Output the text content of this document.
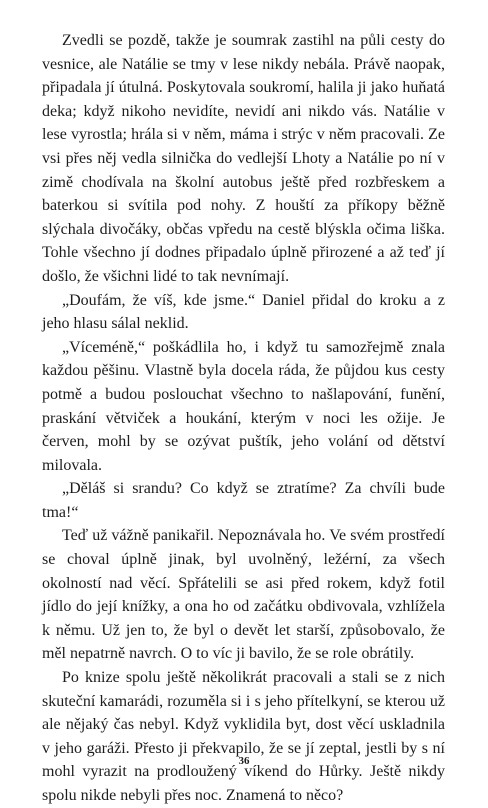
Zvedli se pozdě, takže je soumrak zastihl na půli cesty do vesnice, ale Natálie se tmy v lese nikdy nebála. Právě naopak, připadala jí útulná. Poskytovala soukromí, halila ji jako huňatá deka; když nikoho nevidíte, nevidí ani nikdo vás. Natálie v lese vyrostla; hrála si v něm, máma i strýc v něm pracovali. Ze vsi přes něj vedla silnička do vedlejší Lhoty a Natálie po ní v zimě chodívala na školní autobus ještě před rozbřeskem a baterkou si svítila pod nohy. Z houští za příkopy běžně slýchala divočáky, občas vpředu na cestě blýskla očima liška. Tohle všechno jí dodnes připadalo úplně přirozené a až teď jí došlo, že všichni lidé to tak nevnímají.

„Doufám, že víš, kde jsme.“ Daniel přidal do kroku a z jeho hlasu sálal neklid.

„Víceméně,“ poškádlila ho, i když tu samozřejmě znala každou pěšinu. Vlastně byla docela ráda, že půjdou kus cesty potmě a budou poslouchat všechno to našlapování, funění, praskání větviček a houkání, kterým v noci les ožije. Je červen, mohl by se ozývat puštík, jeho volání od dětství milovala.

„Děláš si srandu? Co když se ztratíme? Za chvíli bude tma!“

Teď už vážně panikařil. Nepoznávala ho. Ve svém prostředí se choval úplně jinak, byl uvolněný, ležérní, za všech okolností nad věcí. Spřátelili se asi před rokem, když fotil jídlo do její knížky, a ona ho od začátku obdivovala, vzhlížela k němu. Už jen to, že byl o devět let starší, způsobovalo, že měl nepatrně navrch. O to víc ji bavilo, že se role obrátily.

Po knize spolu ještě několikrát pracovali a stali se z nich skuteční kamarádi, rozuměla si i s jeho přítelkyní, se kterou už ale nějaký čas nebyl. Když vyklidila byt, dost věcí uskladnila v jeho garáži. Přesto ji překvapilo, že se jí zeptal, jestli by s ní mohl vyrazit na prodloužený víkend do Hůrky. Ještě nikdy spolu nikde nebyli přes noc. Znamená to něco?

36
